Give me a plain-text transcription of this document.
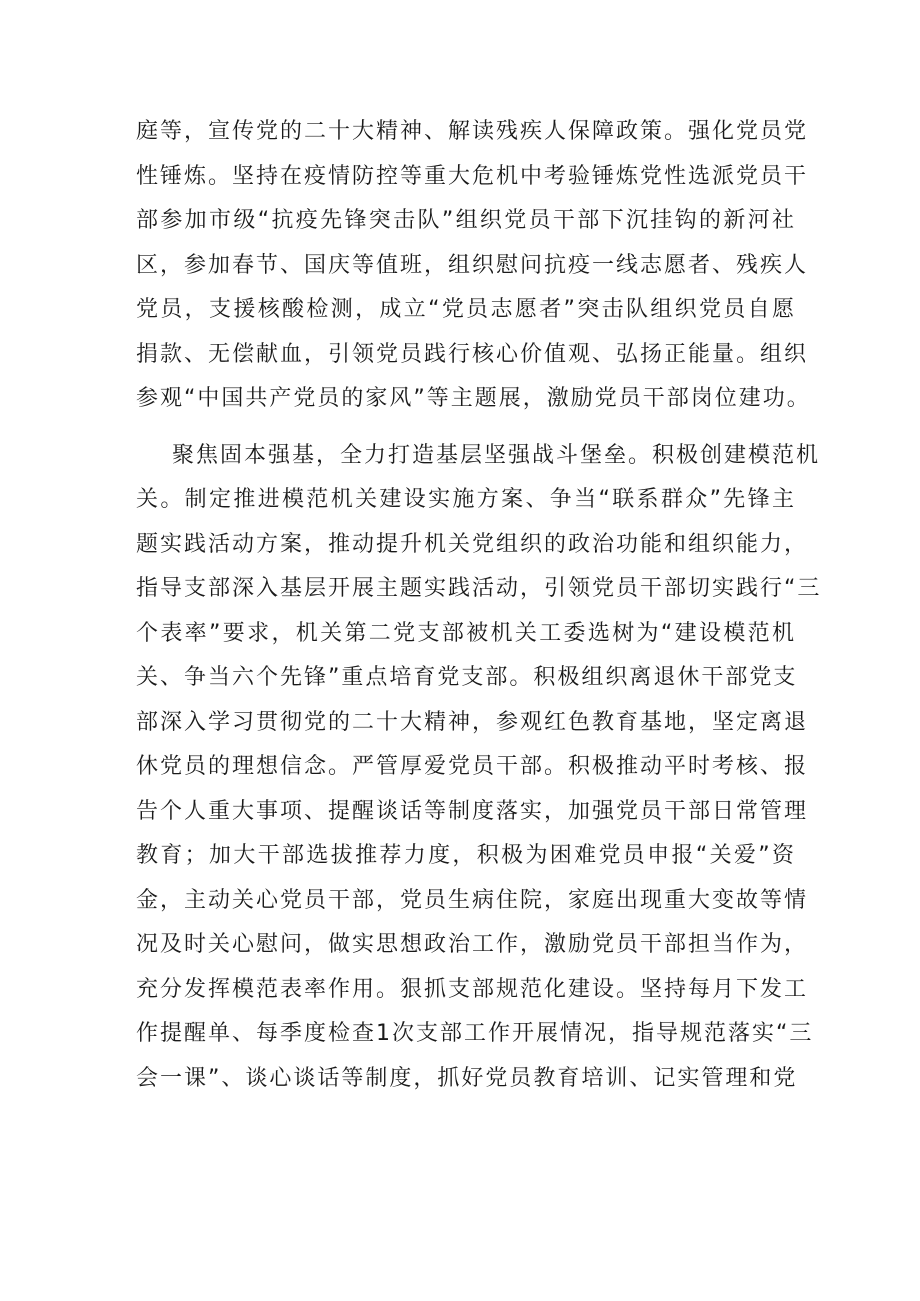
庭等，宣传党的二十大精神、解读残疾人保障政策。强化党员党
性锤炼。坚持在疫情防控等重大危机中考验锤炼党性选派党员干
部参加市级“抗疫先锋突击队”组织党员干部下沉挂钩的新河社
区，参加春节、国庆等值班，组织慰问抗疫一线志愿者、残疾人
党员，支援核酸检测，成立“党员志愿者”突击队组织党员自愿
捐款、无偿献血，引领党员践行核心价值观、弘扬正能量。组织
参观“中国共产党员的家风”等主题展，激励党员干部岗位建功。
聚焦固本强基，全力打造基层坚强战斗堡垒。积极创建模范机
关。制定推进模范机关建设实施方案、争当“联系群众”先锋主
题实践活动方案，推动提升机关党组织的政治功能和组织能力，
指导支部深入基层开展主题实践活动，引领党员干部切实践行“三
个表率”要求，机关第二党支部被机关工委选树为“建设模范机
关、争当六个先锋”重点培育党支部。积极组织离退休干部党支
部深入学习贯彻党的二十大精神，参观红色教育基地，坚定离退
休党员的理想信念。严管厚爱党员干部。积极推动平时考核、报
告个人重大事项、提醒谈话等制度落实，加强党员干部日常管理
教育；加大干部选拔推荐力度，积极为困难党员申报“关爱”资
金，主动关心党员干部，党员生病住院，家庭出现重大变故等情
况及时关心慰问，做实思想政治工作，激励党员干部担当作为，
充分发挥模范表率作用。狠抓支部规范化建设。坚持每月下发工
作提醒单、每季度检查1次支部工作开展情况，指导规范落实“三
会一课”、谈心谈话等制度，抓好党员教育培训、记实管理和党
